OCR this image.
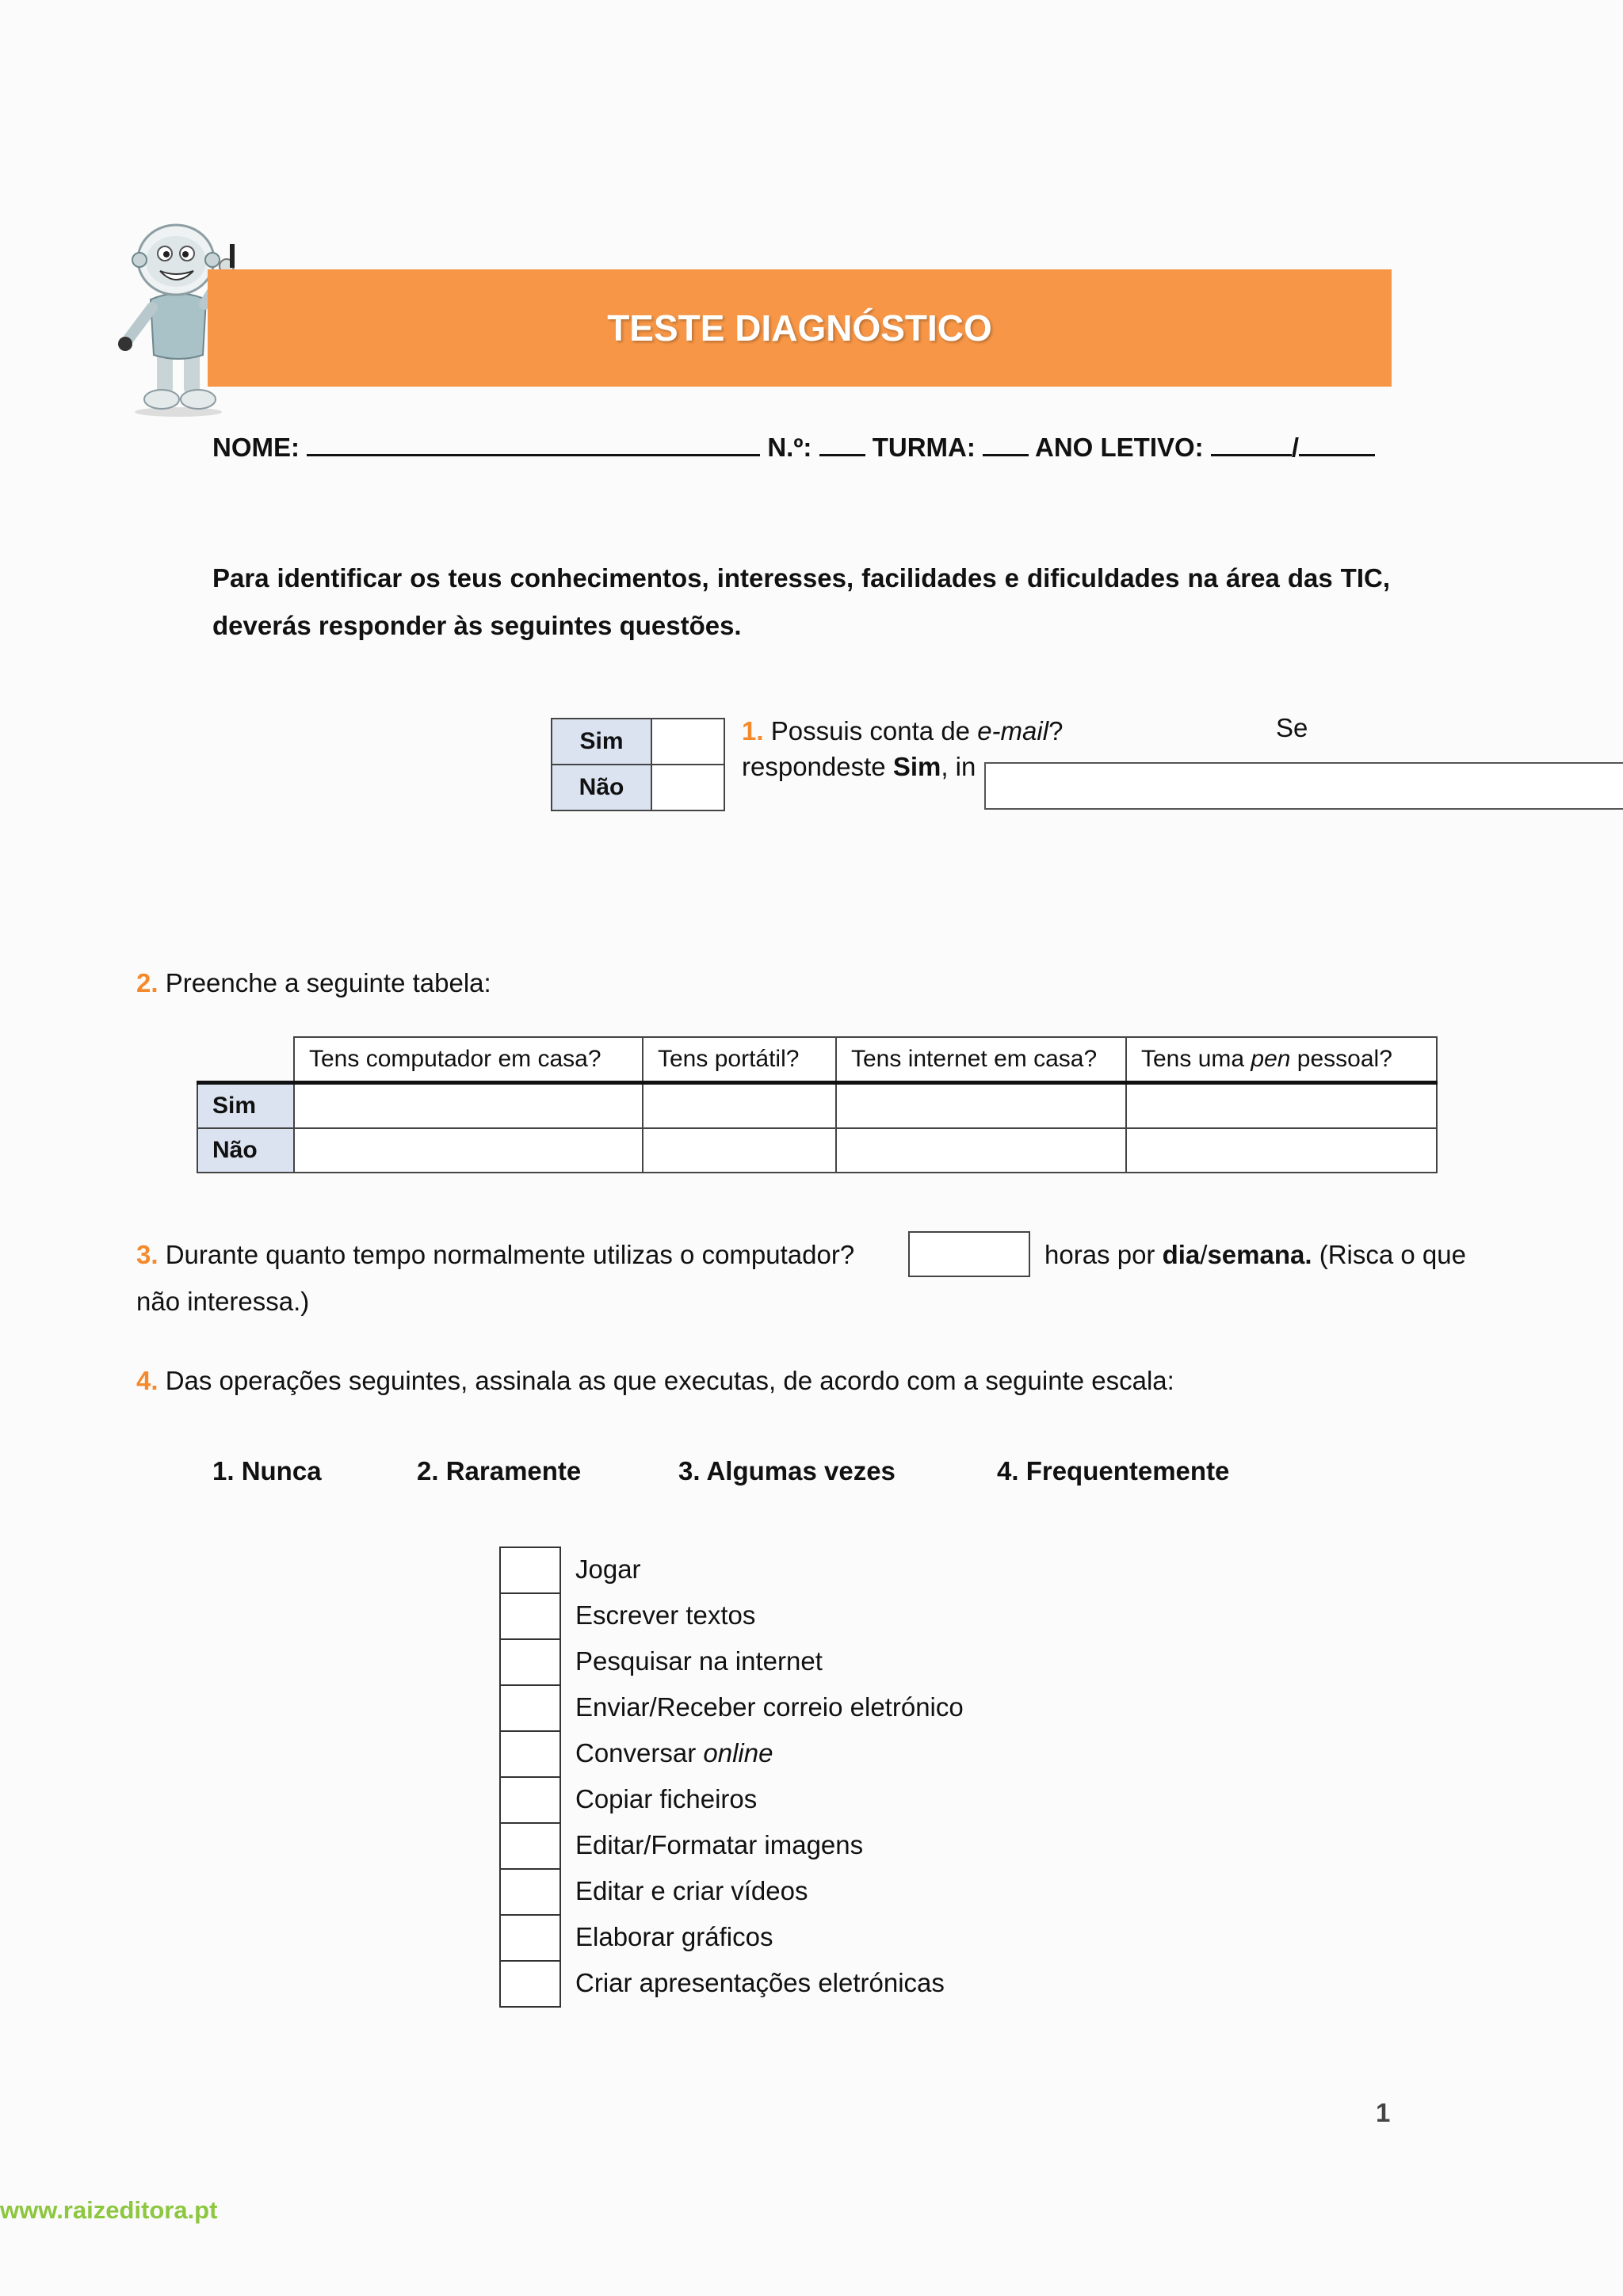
TESTE DIAGNÓSTICO
NOME:	N.º: TURMA: ANO LETIVO:	/
Para identificar os teus conhecimentos, interesses, facilidades e dificuldades na área das TIC, deverás responder às seguintes questões.
Sim	
Não	
1. Possuis conta de e-mail?
respondeste Sim, in
Se
2. Preenche a seguinte tabela:
	Tens computador em casa?	Tens portátil?	Tens internet em casa?	Tens uma pen pessoal?
Sim				
Não				
3. Durante quanto tempo normalmente utilizas o computador?	horas por dia/semana. (Risca o que
não interessa.)
4. Das operações seguintes, assinala as que executas, de acordo com a seguinte escala:
1. Nunca	2. Raramente	3. Algumas vezes	4. Frequentemente
Jogar
Escrever textos
Pesquisar na internet
Enviar/Receber correio eletrónico
Conversar online
Copiar ficheiros
Editar/Formatar imagens
Editar e criar vídeos
Elaborar gráficos
Criar apresentações eletrónicas
1
www.raizeditora.pt
